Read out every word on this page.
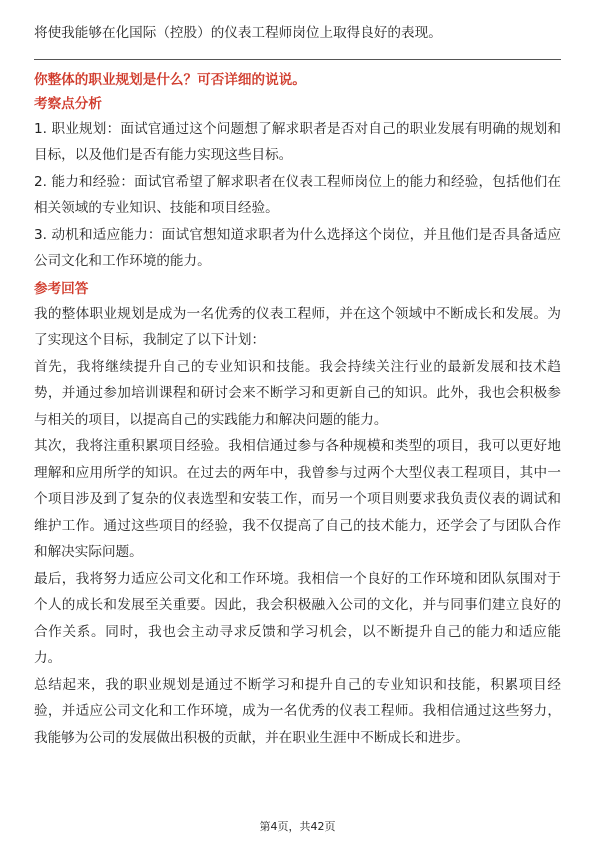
将使我能够在化国际（控股）的仪表工程师岗位上取得良好的表现。

你整体的职业规划是什么？可否详细的说说。

考察点分析

1. 职业规划：面试官通过这个问题想了解求职者是否对自己的职业发展有明确的规划和目标，以及他们是否有能力实现这些目标。

2. 能力和经验：面试官希望了解求职者在仪表工程师岗位上的能力和经验，包括他们在相关领域的专业知识、技能和项目经验。

3. 动机和适应能力：面试官想知道求职者为什么选择这个岗位，并且他们是否具备适应公司文化和工作环境的能力。

参考回答

我的整体职业规划是成为一名优秀的仪表工程师，并在这个领域中不断成长和发展。为了实现这个目标，我制定了以下计划：

首先，我将继续提升自己的专业知识和技能。我会持续关注行业的最新发展和技术趋势，并通过参加培训课程和研讨会来不断学习和更新自己的知识。此外，我也会积极参与相关的项目，以提高自己的实践能力和解决问题的能力。

其次，我将注重积累项目经验。我相信通过参与各种规模和类型的项目，我可以更好地理解和应用所学的知识。在过去的两年中，我曾参与过两个大型仪表工程项目，其中一个项目涉及到了复杂的仪表选型和安装工作，而另一个项目则要求我负责仪表的调试和维护工作。通过这些项目的经验，我不仅提高了自己的技术能力，还学会了与团队合作和解决实际问题。

最后，我将努力适应公司文化和工作环境。我相信一个良好的工作环境和团队氛围对于个人的成长和发展至关重要。因此，我会积极融入公司的文化，并与同事们建立良好的合作关系。同时，我也会主动寻求反馈和学习机会，以不断提升自己的能力和适应能力。

总结起来，我的职业规划是通过不断学习和提升自己的专业知识和技能，积累项目经验，并适应公司文化和工作环境，成为一名优秀的仪表工程师。我相信通过这些努力，我能够为公司的发展做出积极的贡献，并在职业生涯中不断成长和进步。

第4页，共42页
